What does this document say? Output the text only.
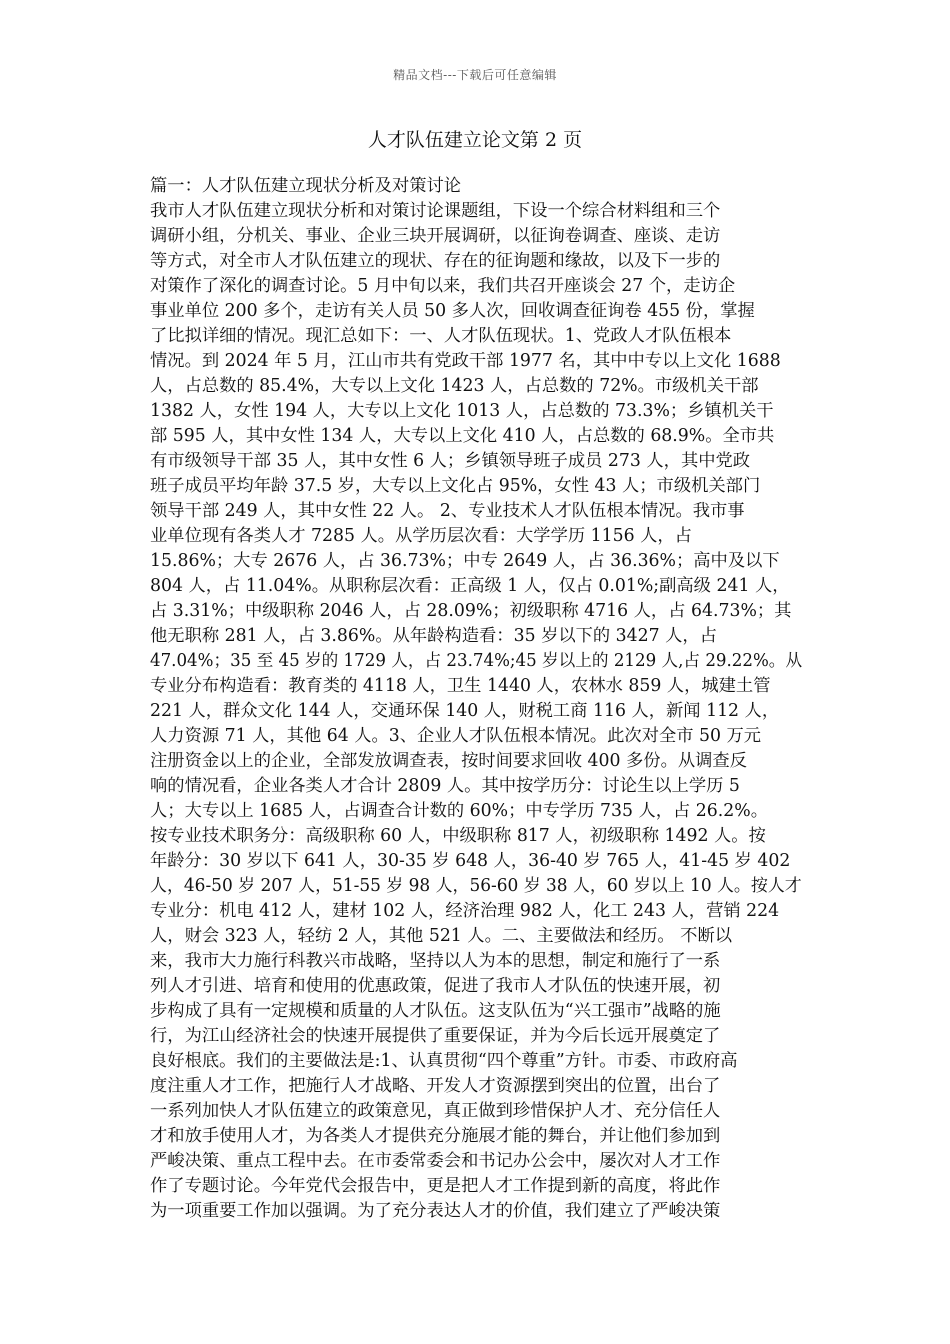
精品文档---下载后可任意编辑
人才队伍建立论文第 2 页
篇一：人才队伍建立现状分析及对策讨论
我市人才队伍建立现状分析和对策讨论课题组，下设一个综合材料组和三个
调研小组，分机关、事业、企业三块开展调研，以征询卷调查、座谈、走访
等方式，对全市人才队伍建立的现状、存在的征询题和缘故，以及下一步的
对策作了深化的调查讨论。5 月中旬以来，我们共召开座谈会 27 个，走访企
事业单位 200 多个，走访有关人员 50 多人次，回收调查征询卷 455 份，掌握
了比拟详细的情况。现汇总如下：一、人才队伍现状。1、党政人才队伍根本
情况。到 2024 年 5 月，江山市共有党政干部 1977 名，其中中专以上文化 1688
人，占总数的 85.4%，大专以上文化 1423 人，占总数的 72%。市级机关干部
1382 人，女性 194 人，大专以上文化 1013 人，占总数的 73.3%；乡镇机关干
部 595 人，其中女性 134 人，大专以上文化 410 人，占总数的 68.9%。全市共
有市级领导干部 35 人，其中女性 6 人；乡镇领导班子成员 273 人，其中党政
班子成员平均年龄 37.5 岁，大专以上文化占 95%，女性 43 人；市级机关部门
领导干部 249 人，其中女性 22 人。 2、专业技术人才队伍根本情况。我市事
业单位现有各类人才 7285 人。从学历层次看：大学学历 1156 人，占
15.86%；大专 2676 人，占 36.73%；中专 2649 人，占 36.36%；高中及以下
804 人，占 11.04%。从职称层次看：正高级 1 人，仅占 0.01%;副高级 241 人，
占 3.31%；中级职称 2046 人，占 28.09%；初级职称 4716 人，占 64.73%；其
他无职称 281 人，占 3.86%。从年龄构造看：35 岁以下的 3427 人，占
47.04%；35 至 45 岁的 1729 人，占 23.74%;45 岁以上的 2129 人,占 29.22%。从
专业分布构造看：教育类的 4118 人，卫生 1440 人，农林水 859 人，城建土管
221 人，群众文化 144 人，交通环保 140 人，财税工商 116 人，新闻 112 人，
人力资源 71 人，其他 64 人。3、企业人才队伍根本情况。此次对全市 50 万元
注册资金以上的企业，全部发放调查表，按时间要求回收 400 多份。从调查反
响的情况看，企业各类人才合计 2809 人。其中按学历分：讨论生以上学历 5
人；大专以上 1685 人，占调查合计数的 60%；中专学历 735 人，占 26.2%。
按专业技术职务分：高级职称 60 人，中级职称 817 人，初级职称 1492 人。按
年龄分：30 岁以下 641 人，30-35 岁 648 人，36-40 岁 765 人，41-45 岁 402
人，46-50 岁 207 人，51-55 岁 98 人，56-60 岁 38 人，60 岁以上 10 人。按人才
专业分：机电 412 人，建材 102 人，经济治理 982 人，化工 243 人，营销 224
人，财会 323 人，轻纺 2 人，其他 521 人。二、主要做法和经历。 不断以
来，我市大力施行科教兴市战略，坚持以人为本的思想，制定和施行了一系
列人才引进、培育和使用的优惠政策，促进了我市人才队伍的快速开展，初
步构成了具有一定规模和质量的人才队伍。这支队伍为“兴工强市”战略的施
行，为江山经济社会的快速开展提供了重要保证，并为今后长远开展奠定了
良好根底。我们的主要做法是:1、认真贯彻“四个尊重”方针。市委、市政府高
度注重人才工作，把施行人才战略、开发人才资源摆到突出的位置，出台了
一系列加快人才队伍建立的政策意见，真正做到珍惜保护人才、充分信任人
才和放手使用人才，为各类人才提供充分施展才能的舞台，并让他们参加到
严峻决策、重点工程中去。在市委常委会和书记办公会中，屡次对人才工作
作了专题讨论。今年党代会报告中，更是把人才工作提到新的高度，将此作
为一项重要工作加以强调。为了充分表达人才的价值，我们建立了严峻决策
